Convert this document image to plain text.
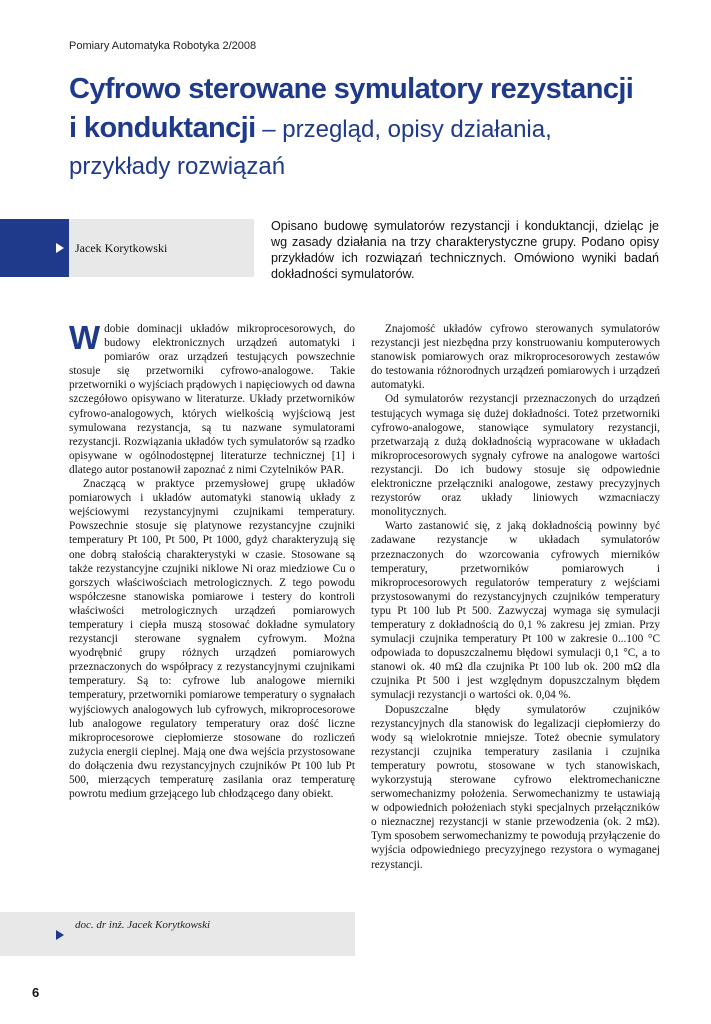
Pomiary Automatyka Robotyka 2/2008
Cyfrowo sterowane symulatory rezystancji
i konduktancji – przegląd, opisy działania,
przykłady rozwiązań
Jacek Korytkowski
Opisano budowę symulatorów rezystancji i konduktancji, dzieląc je wg zasady działania na trzy charakterystyczne grupy. Podano opisy przykładów ich rozwiązań technicznych. Omówiono wyniki badań dokładności symulatorów.

Wdobie dominacji układów mikroprocesorowych, do budowy elektronicznych urządzeń automatyki i pomiarów oraz urządzeń testujących powszechnie stosuje się przetworniki cyfrowo-analogowe. Takie przetworniki o wyjściach prądowych i napięciowych od dawna szczegółowo opisywano w literaturze. Układy przetworników cyfrowo-analogowych, których wielkością wyjściową jest symulowana rezystancja, są tu nazwane symulatorami rezystancji. Rozwiązania układów tych symulatorów są rzadko opisywane w ogólnodostępnej literaturze technicznej [1] i dlatego autor postanowił zapoznać z nimi Czytelników PAR.

Znaczącą w praktyce przemysłowej grupę układów pomiarowych i układów automatyki stanowią układy z wejściowymi rezystancyjnymi czujnikami temperatury. Powszechnie stosuje się platynowe rezystancyjne czujniki temperatury Pt 100, Pt 500, Pt 1000, gdyż charakteryzują się one dobrą stałością charakterystyki w czasie. Stosowane są także rezystancyjne czujniki niklowe Ni oraz miedziowe Cu o gorszych właściwościach metrologicznych. Z tego powodu współczesne stanowiska pomiarowe i testery do kontroli właściwości metrologicznych urządzeń pomiarowych temperatury i ciepła muszą stosować dokładne symulatory rezystancji sterowane sygnałem cyfrowym. Można wyodrębnić grupy różnych urządzeń pomiarowych przeznaczonych do współpracy z rezystancyjnymi czujnikami temperatury. Są to: cyfrowe lub analogowe mierniki temperatury, przetworniki pomiarowe temperatury o sygnałach wyjściowych analogowych lub cyfrowych, mikroprocesorowe lub analogowe regulatory temperatury oraz dość liczne mikroprocesorowe ciepłomierze stosowane do rozliczeń zużycia energii cieplnej. Mają one dwa wejścia przystosowane do dołączenia dwu rezystancyjnych czujników Pt 100 lub Pt 500, mierzących temperaturę zasilania oraz temperaturę powrotu medium grzejącego lub chłodzącego dany obiekt.

Znajomość układów cyfrowo sterowanych symulatorów rezystancji jest niezbędna przy konstruowaniu komputerowych stanowisk pomiarowych oraz mikroprocesorowych zestawów do testowania różnorodnych urządzeń pomiarowych i urządzeń automatyki.

Od symulatorów rezystancji przeznaczonych do urządzeń testujących wymaga się dużej dokładności. Toteż przetworniki cyfrowo-analogowe, stanowiące symulatory rezystancji, przetwarzają z dużą dokładnością wypracowane w układach mikroprocesorowych sygnały cyfrowe na analogowe wartości rezystancji. Do ich budowy stosuje się odpowiednie elektroniczne przełączniki analogowe, zestawy precyzyjnych rezystorów oraz układy liniowych wzmacniaczy monolitycznych.

Warto zastanowić się, z jaką dokładnością powinny być zadawane rezystancje w układach symulatorów przeznaczonych do wzorcowania cyfrowych mierników temperatury, przetworników pomiarowych i mikroprocesorowych regulatorów temperatury z wejściami przystosowanymi do rezystancyjnych czujników temperatury typu Pt 100 lub Pt 500. Zazwyczaj wymaga się symulacji temperatury z dokładnością do 0,1 % zakresu jej zmian. Przy symulacji czujnika temperatury Pt 100 w zakresie 0...100 °C odpowiada to dopuszczalnemu błędowi symulacji 0,1 °C, a to stanowi ok. 40 mΩ dla czujnika Pt 100 lub ok. 200 mΩ dla czujnika Pt 500 i jest względnym dopuszczalnym błędem symulacji rezystancji o wartości ok. 0,04 %.

Dopuszczalne błędy symulatorów czujników rezystancyjnych dla stanowisk do legalizacji ciepłomierzy do wody są wielokrotnie mniejsze. Toteż obecnie symulatory rezystancji czujnika temperatury zasilania i czujnika temperatury powrotu, stosowane w tych stanowiskach, wykorzystują sterowane cyfrowo elektromechaniczne serwomechanizmy położenia. Serwomechanizmy te ustawiają w odpowiednich położeniach styki specjalnych przełączników o nieznacznej rezystancji w stanie przewodzenia (ok. 2 mΩ). Tym sposobem serwomechanizmy te powodują przyłączenie do wyjścia odpowiedniego precyzyjnego rezystora o wymaganej rezystancji.

doc. dr inż. Jacek Korytkowski
6
